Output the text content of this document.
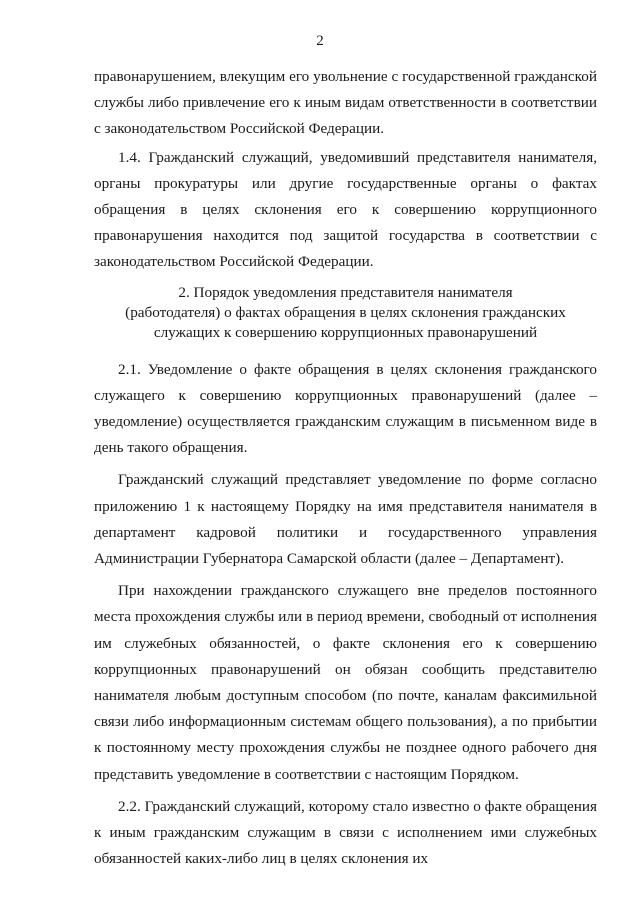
2

правонарушением, влекущим его увольнение с государственной гражданской службы либо привлечение его к иным видам ответственности в соответствии с законодательством Российской Федерации.

1.4. Гражданский служащий, уведомивший представителя нанимателя, органы прокуратуры или другие государственные органы о фактах обращения в целях склонения его к совершению коррупционного правонарушения находится под защитой государства в соответствии с законодательством Российской Федерации.

2. Порядок уведомления представителя нанимателя
(работодателя) о фактах обращения в целях склонения гражданских
служащих к совершению коррупционных правонарушений

2.1. Уведомление о факте обращения в целях склонения гражданского служащего к совершению коррупционных правонарушений (далее – уведомление) осуществляется гражданским служащим в письменном виде в день такого обращения.

Гражданский служащий представляет уведомление по форме согласно приложению 1 к настоящему Порядку на имя представителя нанимателя в департамент кадровой политики и государственного управления Администрации Губернатора Самарской области (далее – Департамент).

При нахождении гражданского служащего вне пределов постоянного места прохождения службы или в период времени, свободный от исполнения им служебных обязанностей, о факте склонения его к совершению коррупционных правонарушений он обязан сообщить представителю нанимателя любым доступным способом (по почте, каналам факсимильной связи либо информационным системам общего пользования), а по прибытии к постоянному месту прохождения службы не позднее одного рабочего дня представить уведомление в соответствии с настоящим Порядком.

2.2. Гражданский служащий, которому стало известно о факте обращения к иным гражданским служащим в связи с исполнением ими служебных обязанностей каких-либо лиц в целях склонения их
